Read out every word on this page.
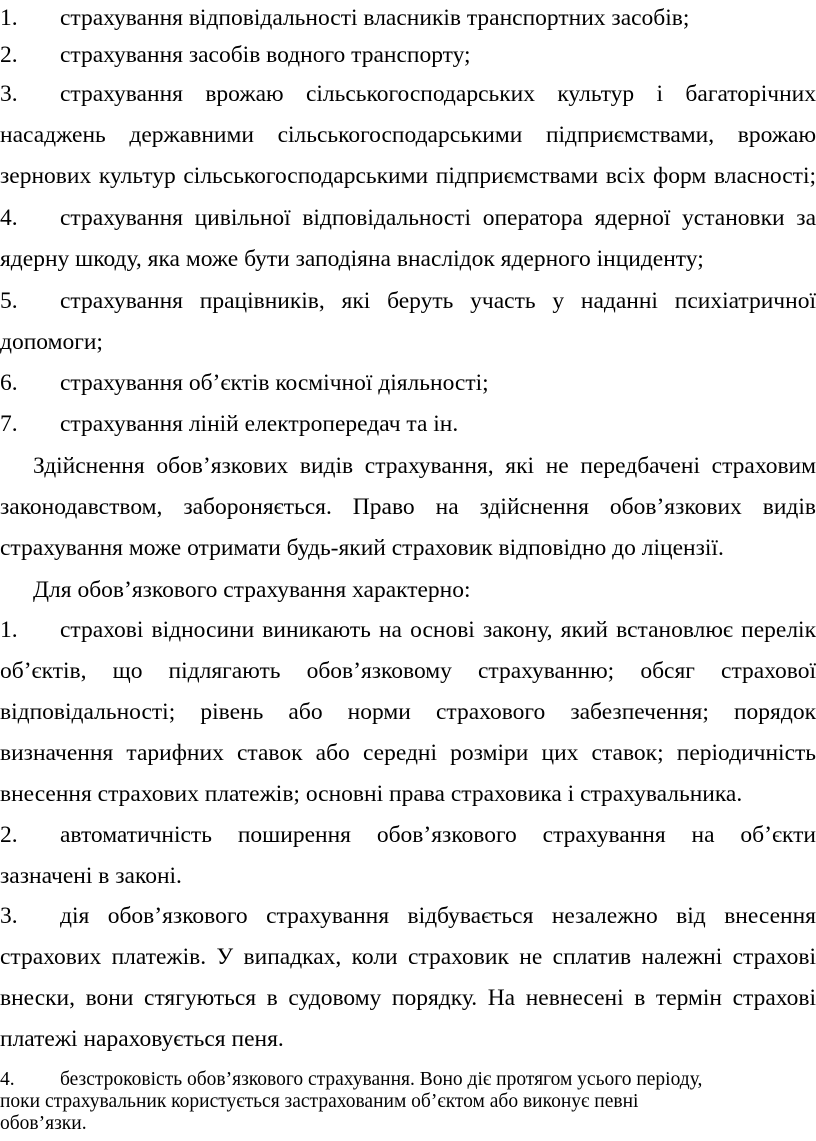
1. страхування відповідальності власників транспортних засобів;
2. страхування засобів водного транспорту;
3. страхування врожаю сільськогосподарських культур і багаторічних
насаджень державними сільськогосподарськими підприємствами, врожаю
зернових культур сільськогосподарськими підприємствами всіх форм власності;
4. страхування цивільної відповідальності оператора ядерної установки за
ядерну шкоду, яка може бути заподіяна внаслідок ядерного інциденту;
5. страхування працівників, які беруть участь у наданні психіатричної
допомоги;
6. страхування об’єктів космічної діяльності;
7. страхування ліній електропередач та ін.
Здійснення обов’язкових видів страхування, які не передбачені страховим
законодавством, забороняється. Право на здійснення обов’язкових видів
страхування може отримати будь-який страховик відповідно до ліцензії.
Для обов’язкового страхування характерно:
1. страхові відносини виникають на основі закону, який встановлює перелік
об’єктів, що підлягають обов’язковому страхуванню; обсяг страхової
відповідальності; рівень або норми страхового забезпечення; порядок
визначення тарифних ставок або середні розміри цих ставок; періодичність
внесення страхових платежів; основні права страховика і страхувальника.
2. автоматичність поширення обов’язкового страхування на об’єкти
зазначені в законі.
3. дія обов’язкового страхування відбувається незалежно від внесення
страхових платежів. У випадках, коли страховик не сплатив належні страхові
внески, вони стягуються в судовому порядку. На невнесені в термін страхові
платежі нараховується пеня.
4. безстроковість обов’язкового страхування. Воно діє протягом усього періоду,
поки страхувальник користується застрахованим об’єктом або виконує певні
обов’язки.
